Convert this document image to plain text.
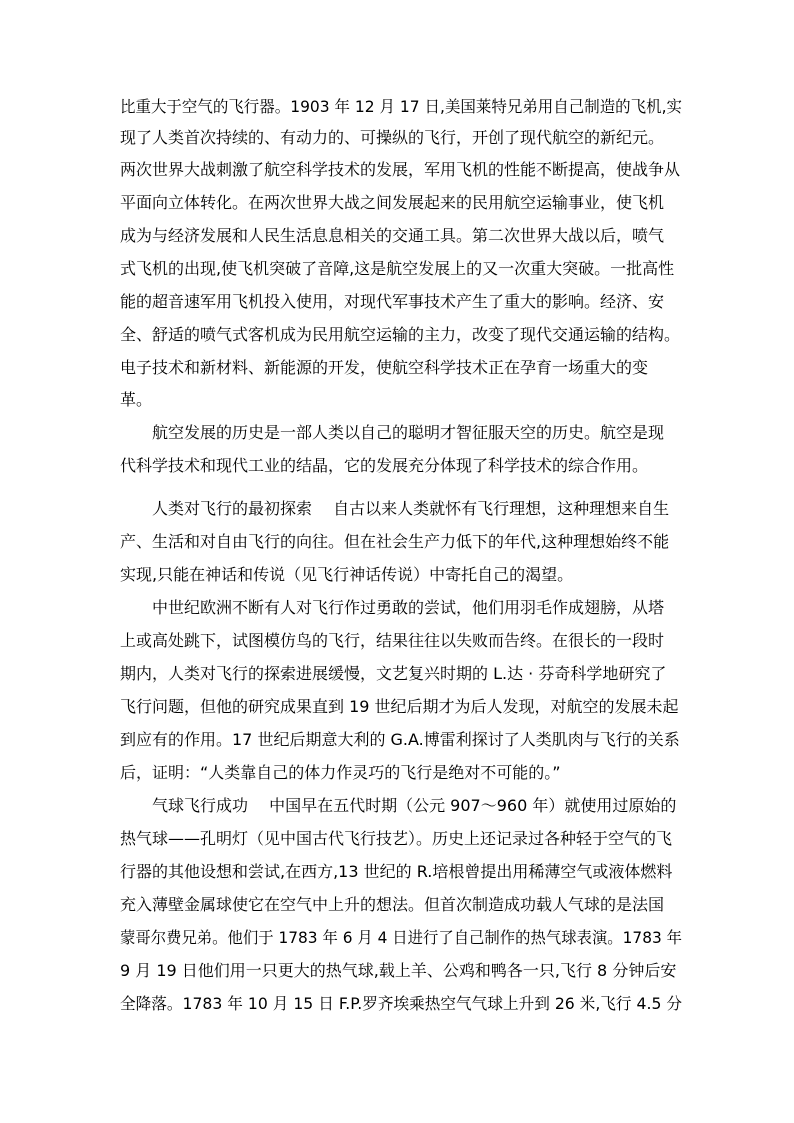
比重大于空气的飞行器。1903 年 12 月 17 日,美国莱特兄弟用自己制造的飞机,实
现了人类首次持续的、有动力的、可操纵的飞行，开创了现代航空的新纪元。
两次世界大战刺激了航空科学技术的发展，军用飞机的性能不断提高，使战争从
平面向立体转化。在两次世界大战之间发展起来的民用航空运输事业，使飞机
成为与经济发展和人民生活息息相关的交通工具。第二次世界大战以后，喷气
式飞机的出现,使飞机突破了音障,这是航空发展上的又一次重大突破。一批高性
能的超音速军用飞机投入使用，对现代军事技术产生了重大的影响。经济、安
全、舒适的喷气式客机成为民用航空运输的主力，改变了现代交通运输的结构。
电子技术和新材料、新能源的开发，使航空科学技术正在孕育一场重大的变
革。
航空发展的历史是一部人类以自己的聪明才智征服天空的历史。航空是现
代科学技术和现代工业的结晶，它的发展充分体现了科学技术的综合作用。
人类对飞行的最初探索　 自古以来人类就怀有飞行理想，这种理想来自生
产、生活和对自由飞行的向往。但在社会生产力低下的年代,这种理想始终不能
实现,只能在神话和传说（见飞行神话传说）中寄托自己的渴望。
中世纪欧洲不断有人对飞行作过勇敢的尝试，他们用羽毛作成翅膀，从塔
上或高处跳下，试图模仿鸟的飞行，结果往往以失败而告终。在很长的一段时
期内，人类对飞行的探索进展缓慢，文艺复兴时期的 L.达 · 芬奇科学地研究了
飞行问题，但他的研究成果直到 19 世纪后期才为后人发现，对航空的发展未起
到应有的作用。17 世纪后期意大利的 G.A.博雷利探讨了人类肌肉与飞行的关系
后，证明：“人类靠自己的体力作灵巧的飞行是绝对不可能的。”
气球飞行成功　 中国早在五代时期（公元 907～960 年）就使用过原始的
热气球——孔明灯（见中国古代飞行技艺）。历史上还记录过各种轻于空气的飞
行器的其他设想和尝试,在西方,13 世纪的 R.培根曾提出用稀薄空气或液体燃料
充入薄壁金属球使它在空气中上升的想法。但首次制造成功载人气球的是法国
蒙哥尔费兄弟。他们于 1783 年 6 月 4 日进行了自己制作的热气球表演。1783 年
9 月 19 日他们用一只更大的热气球,载上羊、公鸡和鸭各一只,飞行 8 分钟后安
全降落。1783 年 10 月 15 日 F.P.罗齐埃乘热空气气球上升到 26 米,飞行 4.5 分
